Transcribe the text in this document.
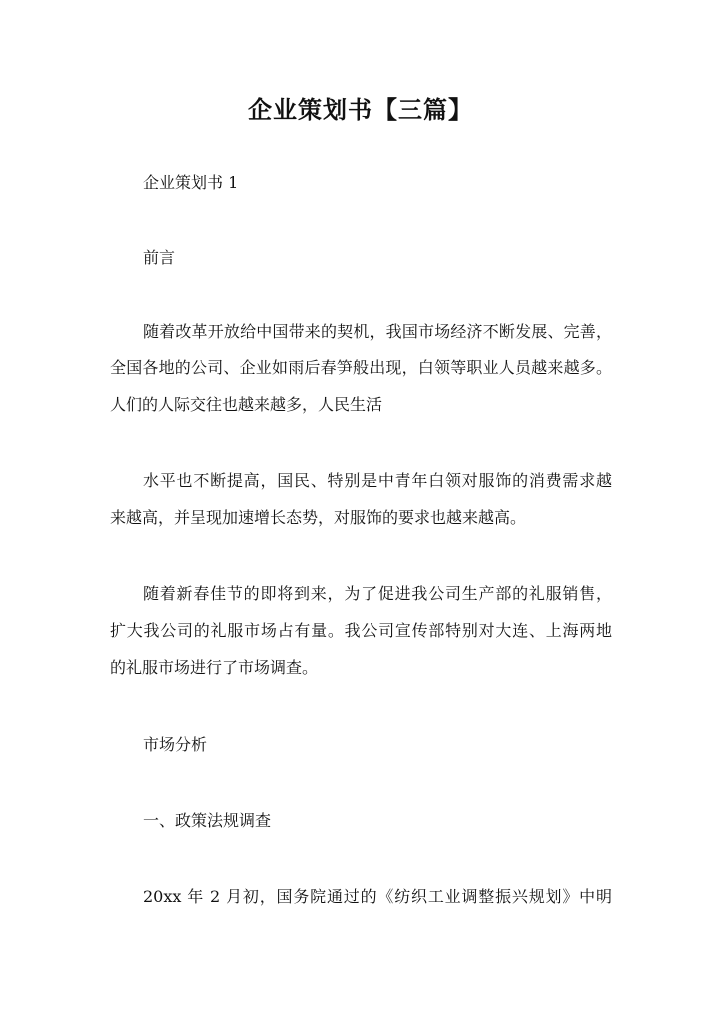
企业策划书【三篇】
企业策划书 1
前言
随着改革开放给中国带来的契机，我国市场经济不断发展、完善，
全国各地的公司、企业如雨后春笋般出现，白领等职业人员越来越多。
人们的人际交往也越来越多，人民生活
水平也不断提高，国民、特别是中青年白领对服饰的消费需求越
来越高，并呈现加速增长态势，对服饰的要求也越来越高。
随着新春佳节的即将到来，为了促进我公司生产部的礼服销售，
扩大我公司的礼服市场占有量。我公司宣传部特别对大连、上海两地
的礼服市场进行了市场调查。
市场分析
一、政策法规调查
20xx 年 2 月初，国务院通过的《纺织工业调整振兴规划》中明
